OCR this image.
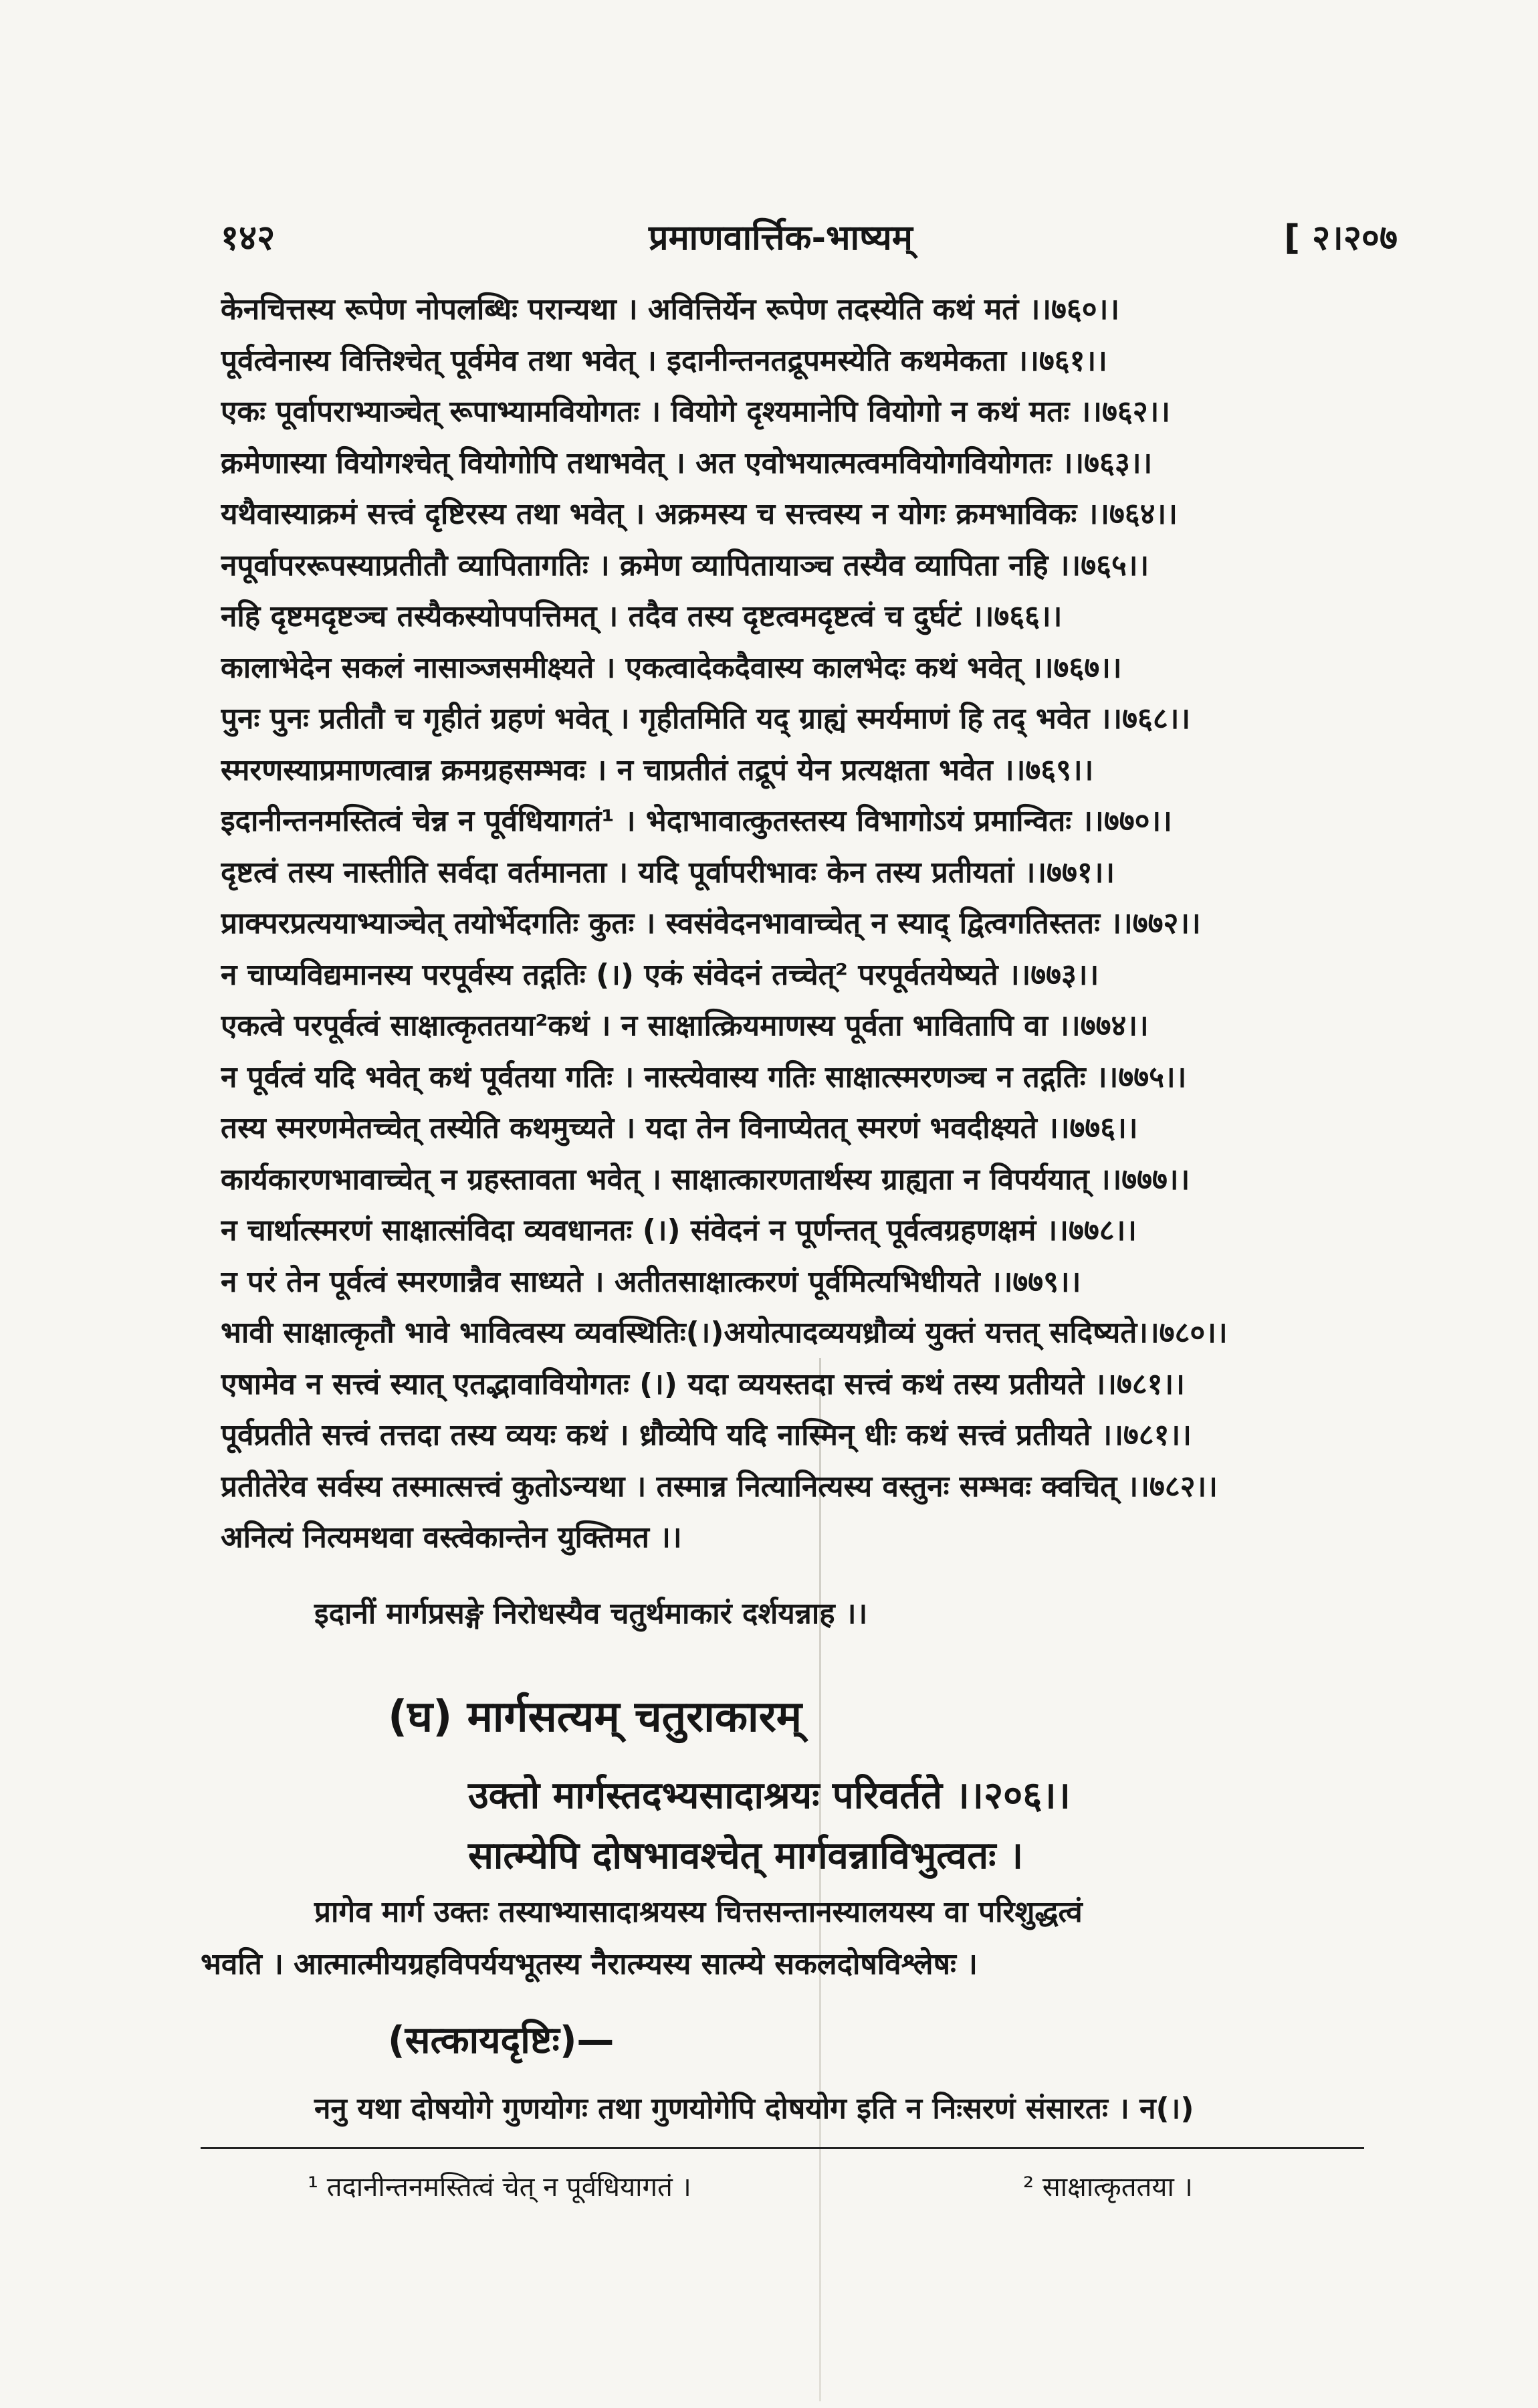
१४२	प्रमाणवार्त्तिक-भाष्यम्	[ २।२०७
केनचित्तस्य रूपेण नोपलब्धिः परान्यथा । अवित्तिर्येन रूपेण तदस्येति कथं मतं ।।७६०।।
पूर्वत्वेनास्य वित्तिश्चेत् पूर्वमेव तथा भवेत् । इदानीन्तनतद्रूपमस्येति कथमेकता ।।७६१।।
एकः पूर्वापराभ्याञ्चेत् रूपाभ्यामवियोगतः । वियोगे दृश्यमानेपि वियोगो न कथं मतः ।।७६२।।
क्रमेणास्या वियोगश्चेत् वियोगोपि तथाभवेत् । अत एवोभयात्मत्वमवियोगवियोगतः ।।७६३।।
यथैवास्याक्रमं सत्त्वं दृष्टिरस्य तथा भवेत् । अक्रमस्य च सत्त्वस्य न योगः क्रमभाविकः ।।७६४।।
नपूर्वापररूपस्याप्रतीतौ व्यापितागतिः । क्रमेण व्यापितायाञ्च तस्यैव व्यापिता नहि ।।७६५।।
नहि दृष्टमदृष्टञ्च तस्यैकस्योपपत्तिमत् । तदैव तस्य दृष्टत्वमदृष्टत्वं च दुर्घटं ।।७६६।।
कालाभेदेन सकलं नासाञ्जसमीक्ष्यते । एकत्वादेकदैवास्य कालभेदः कथं भवेत् ।।७६७।।
पुनः पुनः प्रतीतौ च गृहीतं ग्रहणं भवेत् । गृहीतमिति यद् ग्राह्यं स्मर्यमाणं हि तद् भवेत ।।७६८।।
स्मरणस्याप्रमाणत्वान्न क्रमग्रहसम्भवः । न चाप्रतीतं तद्रूपं येन प्रत्यक्षता भवेत ।।७६९।।
इदानीन्तनमस्तित्वं चेन्न न पूर्वधियागतं¹ । भेदाभावात्कुतस्तस्य विभागोऽयं प्रमान्वितः ।।७७०।।
दृष्टत्वं तस्य नास्तीति सर्वदा वर्तमानता । यदि पूर्वापरीभावः केन तस्य प्रतीयतां ।।७७१।।
प्राक्परप्रत्ययाभ्याञ्चेत् तयोर्भेदगतिः कुतः । स्वसंवेदनभावाच्चेत् न स्याद् द्वित्वगतिस्ततः ।।७७२।।
न चाप्यविद्यमानस्य परपूर्वस्य तद्गतिः (।) एकं संवेदनं तच्चेत्² परपूर्वतयेष्यते ।।७७३।।
एकत्वे परपूर्वत्वं साक्षात्कृततया²कथं । न साक्षात्क्रियमाणस्य पूर्वता भावितापि वा ।।७७४।।
न पूर्वत्वं यदि भवेत् कथं पूर्वतया गतिः । नास्त्येवास्य गतिः साक्षात्स्मरणञ्च न तद्गतिः ।।७७५।।
तस्य स्मरणमेतच्चेत् तस्येति कथमुच्यते । यदा तेन विनाप्येतत् स्मरणं भवदीक्ष्यते ।।७७६।।
कार्यकारणभावाच्चेत् न ग्रहस्तावता भवेत् । साक्षात्कारणतार्थस्य ग्राह्यता न विपर्ययात् ।।७७७।।
न चार्थात्स्मरणं साक्षात्संविदा व्यवधानतः (।) संवेदनं न पूर्णन्तत् पूर्वत्वग्रहणक्षमं ।।७७८।।
न परं तेन पूर्वत्वं स्मरणान्नैव साध्यते । अतीतसाक्षात्करणं पूर्वमित्यभिधीयते ।।७७९।।
भावी साक्षात्कृतौ भावे भावित्वस्य व्यवस्थितिः(।)अयोत्पादव्ययध्रौव्यं युक्तं यत्तत् सदिष्यते।।७८०।।
एषामेव न सत्त्वं स्यात् एतद्भावावियोगतः (।) यदा व्ययस्तदा सत्त्वं कथं तस्य प्रतीयते ।।७८१।।
पूर्वप्रतीते सत्त्वं तत्तदा तस्य व्ययः कथं । ध्रौव्येपि यदि नास्मिन् धीः कथं सत्त्वं प्रतीयते ।।७८१।।
प्रतीतेरेव सर्वस्य तस्मात्सत्त्वं कुतोऽन्यथा । तस्मान्न नित्यानित्यस्य वस्तुनः सम्भवः क्वचित् ।।७८२।।
अनित्यं नित्यमथवा वस्त्वेकान्तेन युक्तिमत ।।
इदानीं मार्गप्रसङ्गे निरोधस्यैव चतुर्थमाकारं दर्शयन्नाह ।।
(घ) मार्गसत्यम् चतुराकारम्
उक्तो मार्गस्तदभ्यसादाश्रयः परिवर्तते ।।२०६।।
सात्म्येपि दोषभावश्चेत् मार्गवन्नाविभुत्वतः ।
प्रागेव मार्ग उक्तः तस्याभ्यासादाश्रयस्य चित्तसन्तानस्यालयस्य वा परिशुद्धत्वं
भवति । आत्मात्मीयग्रहविपर्ययभूतस्य नैरात्म्यस्य सात्म्ये सकलदोषविश्लेषः ।
(सत्कायदृष्टिः)—
ननु यथा दोषयोगे गुणयोगः तथा गुणयोगेपि दोषयोग इति न निःसरणं संसारतः । न(।)
¹ तदानीन्तनमस्तित्वं चेत् न पूर्वधियागतं ।	² साक्षात्कृततया ।
